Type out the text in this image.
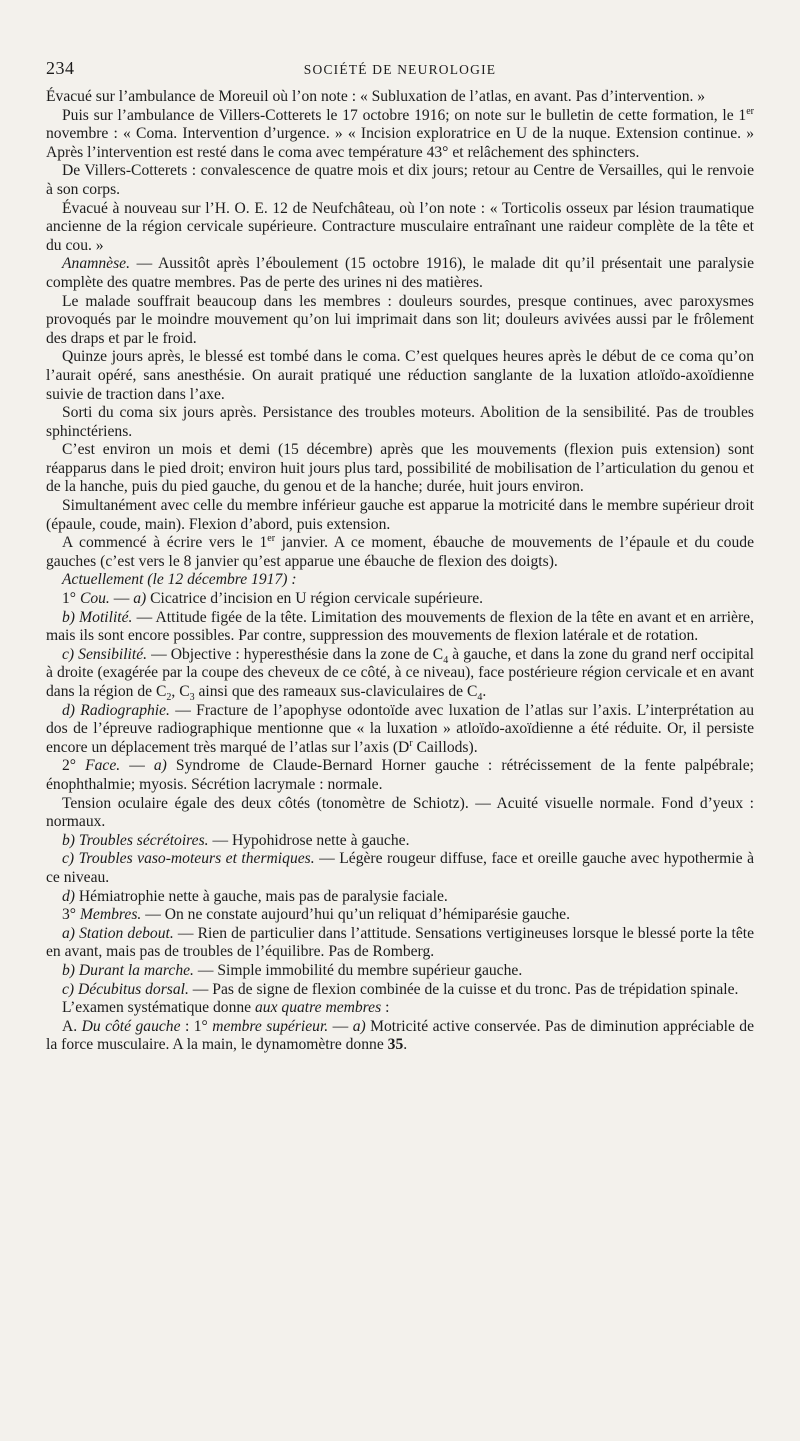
234	SOCIÉTÉ DE NEUROLOGIE

Évacué sur l’ambulance de Moreuil où l’on note : « Subluxation de l’atlas, en avant. Pas d’intervention. »

Puis sur l’ambulance de Villers-Cotterets le 17 octobre 1916; on note sur le bulletin de cette formation, le 1er novembre : « Coma. Intervention d’urgence. » « Incision exploratrice en U de la nuque. Extension continue. » Après l’intervention est resté dans le coma avec température 43° et relâchement des sphincters.

De Villers-Cotterets : convalescence de quatre mois et dix jours; retour au Centre de Versailles, qui le renvoie à son corps.

Évacué à nouveau sur l’H. O. E. 12 de Neufchâteau, où l’on note : « Torticolis osseux par lésion traumatique ancienne de la région cervicale supérieure. Contracture musculaire entraînant une raideur complète de la tête et du cou. »

Anamnèse. — Aussitôt après l’éboulement (15 octobre 1916), le malade dit qu’il présentait une paralysie complète des quatre membres. Pas de perte des urines ni des matières.

Le malade souffrait beaucoup dans les membres : douleurs sourdes, presque continues, avec paroxysmes provoqués par le moindre mouvement qu’on lui imprimait dans son lit; douleurs avivées aussi par le frôlement des draps et par le froid.

Quinze jours après, le blessé est tombé dans le coma. C’est quelques heures après le début de ce coma qu’on l’aurait opéré, sans anesthésie. On aurait pratiqué une réduction sanglante de la luxation atloïdo-axoïdienne suivie de traction dans l’axe.

Sorti du coma six jours après. Persistance des troubles moteurs. Abolition de la sensibilité. Pas de troubles sphinctériens.

C’est environ un mois et demi (15 décembre) après que les mouvements (flexion puis extension) sont réapparus dans le pied droit; environ huit jours plus tard, possibilité de mobilisation de l’articulation du genou et de la hanche, puis du pied gauche, du genou et de la hanche; durée, huit jours environ.

Simultanément avec celle du membre inférieur gauche est apparue la motricité dans le membre supérieur droit (épaule, coude, main). Flexion d’abord, puis extension.

A commencé à écrire vers le 1er janvier. A ce moment, ébauche de mouvements de l’épaule et du coude gauches (c’est vers le 8 janvier qu’est apparue une ébauche de flexion des doigts).

Actuellement (le 12 décembre 1917) :

1° Cou. — a) Cicatrice d’incision en U région cervicale supérieure.

b) Motilité. — Attitude figée de la tête. Limitation des mouvements de flexion de la tête en avant et en arrière, mais ils sont encore possibles. Par contre, suppression des mouvements de flexion latérale et de rotation.

c) Sensibilité. — Objective : hyperesthésie dans la zone de $C_4$ à gauche, et dans la zone du grand nerf occipital à droite (exagérée par la coupe des cheveux de ce côté, à ce niveau), face postérieure région cervicale et en avant dans la région de $C_2$, $C_3$ ainsi que des rameaux sus-claviculaires de $C_4$.

d) Radiographie. — Fracture de l’apophyse odontoïde avec luxation de l’atlas sur l’axis. L’interprétation au dos de l’épreuve radiographique mentionne que « la luxation » atloïdo-axoïdienne a été réduite. Or, il persiste encore un déplacement très marqué de l’atlas sur l’axis ($D^r$ Caillods).

2° Face. — a) Syndrome de Claude-Bernard Horner gauche : rétrécissement de la fente palpébrale; énophthalmie; myosis. Sécrétion lacrymale : normale.

Tension oculaire égale des deux côtés (tonomètre de Schiotz). — Acuité visuelle normale. Fond d’yeux : normaux.

b) Troubles sécrétoires. — Hypohidrose nette à gauche.

c) Troubles vaso-moteurs et thermiques. — Légère rougeur diffuse, face et oreille gauche avec hypothermie à ce niveau.

d) Hémiatrophie nette à gauche, mais pas de paralysie faciale.

3° Membres. — On ne constate aujourd’hui qu’un reliquat d’hémiparésie gauche.

a) Station debout. — Rien de particulier dans l’attitude. Sensations vertigineuses lorsque le blessé porte la tête en avant, mais pas de troubles de l’équilibre. Pas de Romberg.

b) Durant la marche. — Simple immobilité du membre supérieur gauche.

c) Décubitus dorsal. — Pas de signe de flexion combinée de la cuisse et du tronc. Pas de trépidation spinale.

L’examen systématique donne aux quatre membres :

A. Du côté gauche : 1° membre supérieur. — a) Motricité active conservée. Pas de diminution appréciable de la force musculaire. A la main, le dynamomètre donne 35.
